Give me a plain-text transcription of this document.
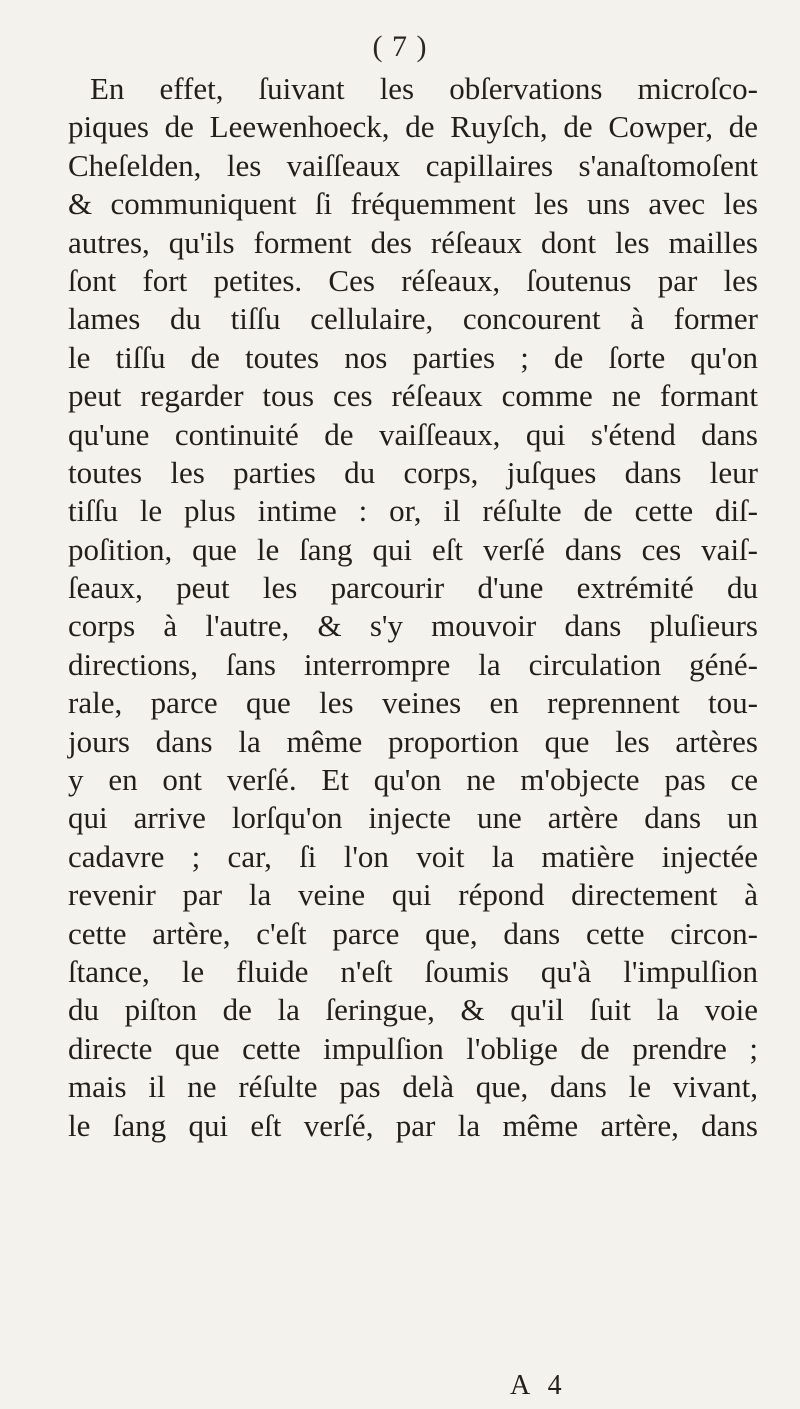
( 7 )
En effet, ſuivant les obſervations microſco-
piques de Leewenhoeck, de Ruyſch, de Cowper, de
Cheſelden, les vaiſſeaux capillaires s'anaſtomoſent
& communiquent ſi fréquemment les uns avec les
autres, qu'ils forment des réſeaux dont les mailles
ſont fort petites. Ces réſeaux, ſoutenus par les
lames du tiſſu cellulaire, concourent à former
le tiſſu de toutes nos parties ; de ſorte qu'on
peut regarder tous ces réſeaux comme ne formant
qu'une continuité de vaiſſeaux, qui s'étend dans
toutes les parties du corps, juſques dans leur
tiſſu le plus intime : or, il réſulte de cette diſ-
poſition, que le ſang qui eſt verſé dans ces vaiſ-
ſeaux, peut les parcourir d'une extrémité du
corps à l'autre, & s'y mouvoir dans pluſieurs
directions, ſans interrompre la circulation géné-
rale, parce que les veines en reprennent tou-
jours dans la même proportion que les artères
y en ont verſé. Et qu'on ne m'objecte pas ce
qui arrive lorſqu'on injecte une artère dans un
cadavre ; car, ſi l'on voit la matière injectée
revenir par la veine qui répond directement à
cette artère, c'eſt parce que, dans cette circon-
ſtance, le fluide n'eſt ſoumis qu'à l'impulſion
du piſton de la ſeringue, & qu'il ſuit la voie
directe que cette impulſion l'oblige de prendre ;
mais il ne réſulte pas delà que, dans le vivant,
le ſang qui eſt verſé, par la même artère, dans
A 4
